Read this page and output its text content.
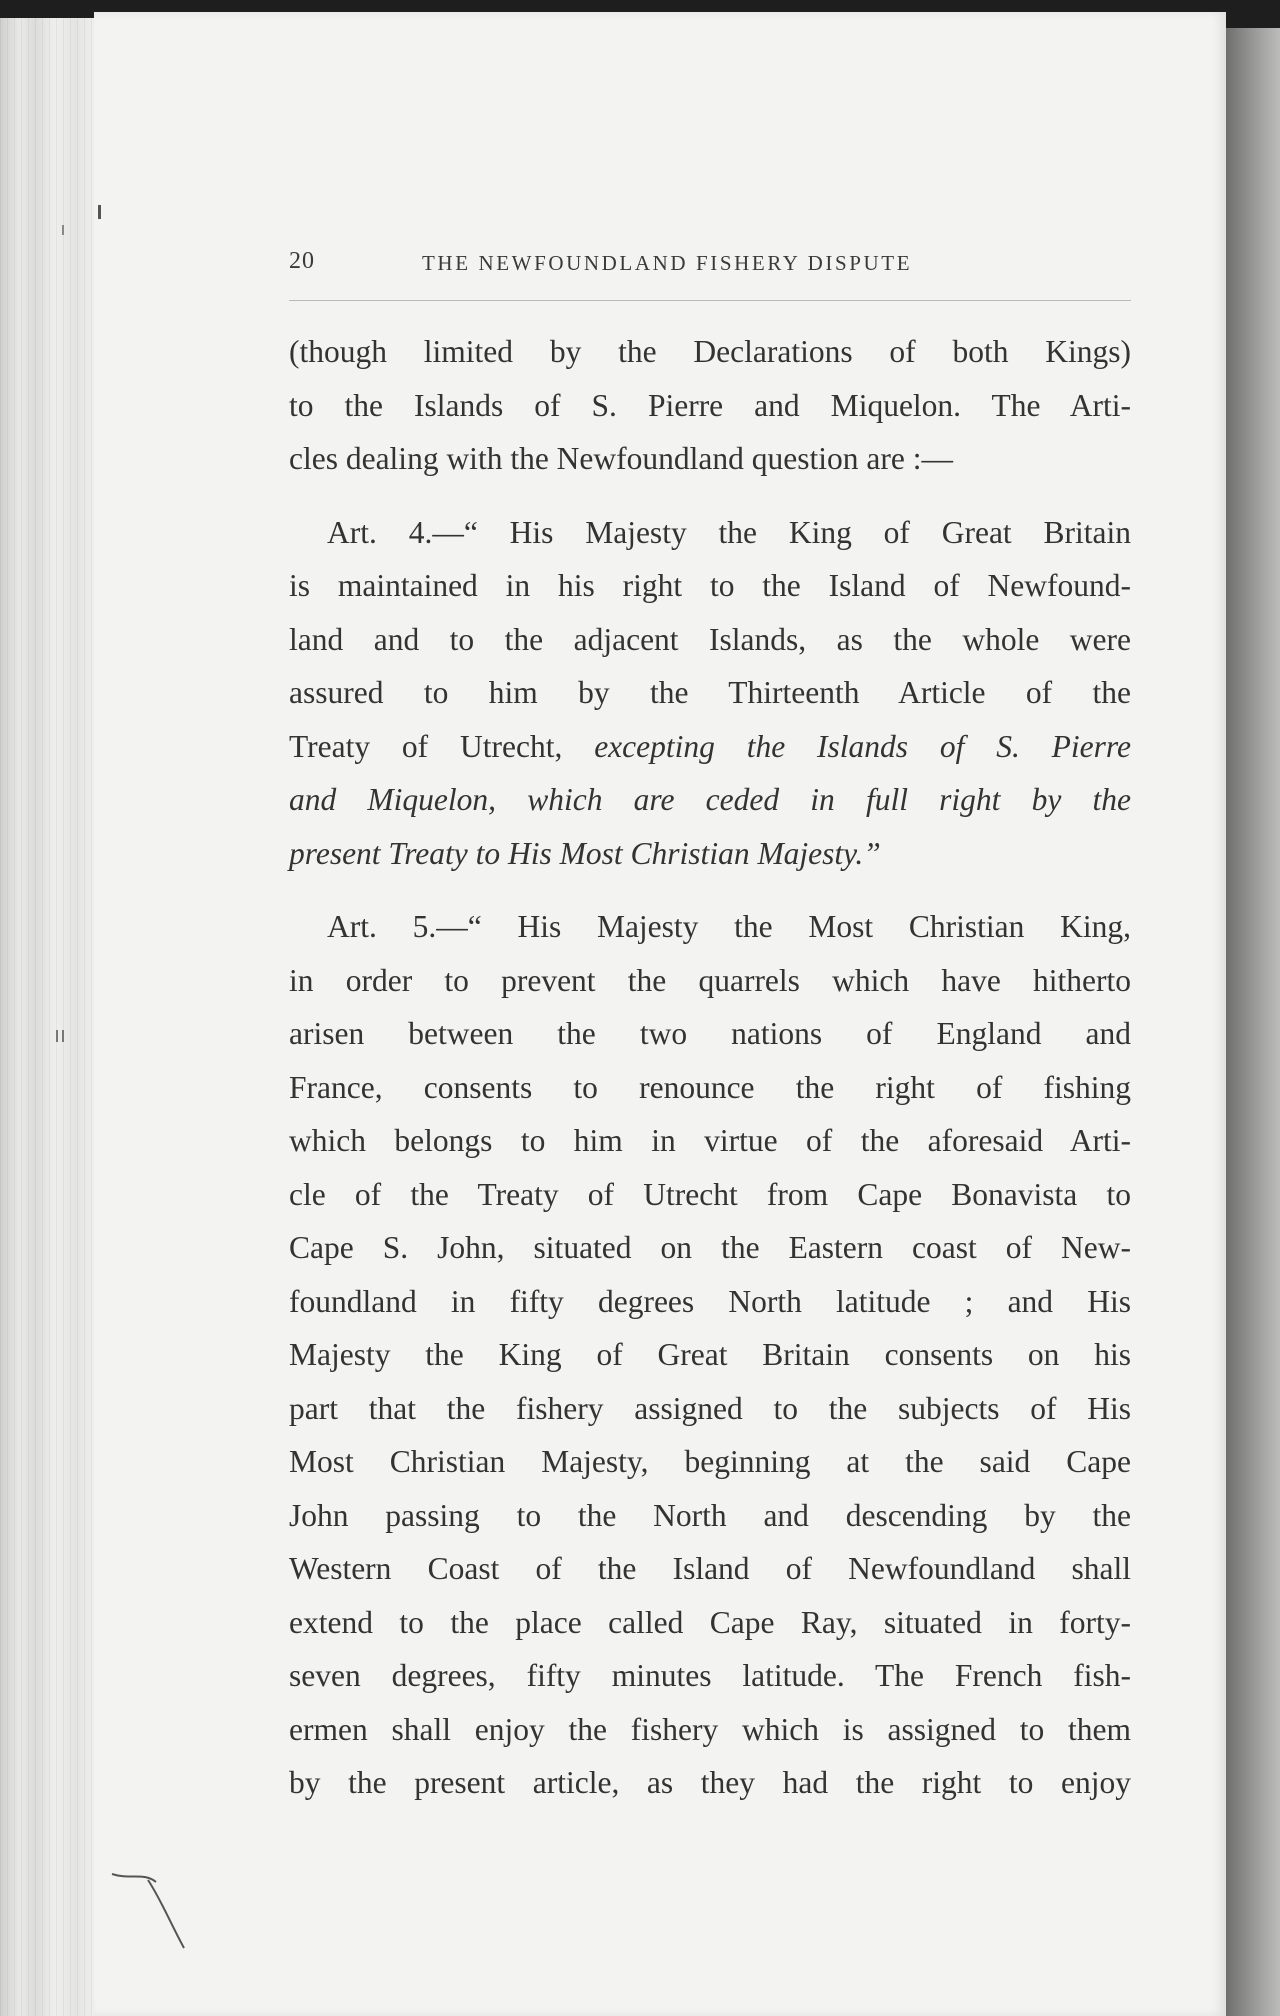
20	THE NEWFOUNDLAND FISHERY DISPUTE
(though limited by the Declarations of both Kings)
to the Islands of S. Pierre and Miquelon. The Arti-
cles dealing with the Newfoundland question are :—
Art. 4.—“ His Majesty the King of Great Britain
is maintained in his right to the Island of Newfound-
land and to the adjacent Islands, as the whole were
assured to him by the Thirteenth Article of the
Treaty of Utrecht, excepting the Islands of S. Pierre
and Miquelon, which are ceded in full right by the
present Treaty to His Most Christian Majesty.”
Art. 5.—“ His Majesty the Most Christian King,
in order to prevent the quarrels which have hitherto
arisen between the two nations of England and
France, consents to renounce the right of fishing
which belongs to him in virtue of the aforesaid Arti-
cle of the Treaty of Utrecht from Cape Bonavista to
Cape S. John, situated on the Eastern coast of New-
foundland in fifty degrees North latitude ; and His
Majesty the King of Great Britain consents on his
part that the fishery assigned to the subjects of His
Most Christian Majesty, beginning at the said Cape
John passing to the North and descending by the
Western Coast of the Island of Newfoundland shall
extend to the place called Cape Ray, situated in forty-
seven degrees, fifty minutes latitude. The French fish-
ermen shall enjoy the fishery which is assigned to them
by the present article, as they had the right to enjoy
